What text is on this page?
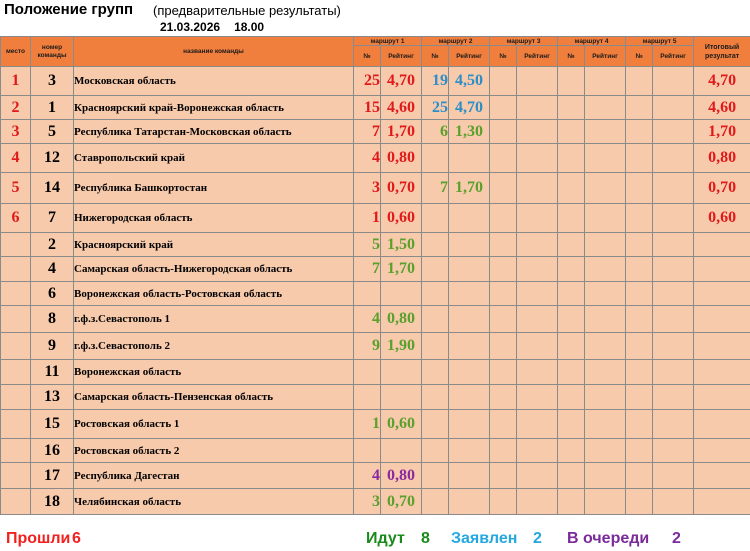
Положение групп (предварительные результаты)
21.03.2026 18.00
место	номер команды	название команды	маршрут 1		маршрут 2		маршрут 3		маршрут 4		маршрут 5		Итоговый результат
			№	Рейтинг	№	Рейтинг	№	Рейтинг	№	Рейтинг	№	Рейтинг	
1	3	Московская область	25	4,70	19	4,50							4,70
2	1	Красноярский край-Воронежская область	15	4,60	25	4,70							4,60
3	5	Республика Татарстан-Московская область	7	1,70	6	1,30							1,70
4	12	Ставропольский край	4	0,80									0,80
5	14	Республика Башкортостан	3	0,70	7	1,70							0,70
6	7	Нижегородская область	1	0,60									0,60
	2	Красноярский край	5	1,50									
	4	Самарская область-Нижегородская область	7	1,70									
	6	Воронежская область-Ростовская область											
	8	г.ф.з.Севастополь 1	4	0,80									
	9	г.ф.з.Севастополь 2	9	1,90									
	11	Воронежская область											
	13	Самарская область-Пензенская область											
	15	Ростовская область 1	1	0,60									
	16	Ростовская область 2											
	17	Республика Дагестан	4	0,80									
	18	Челябинская область	3	0,70									
Прошли 6	Идут 8 Заявлен 2 В очереди 2
